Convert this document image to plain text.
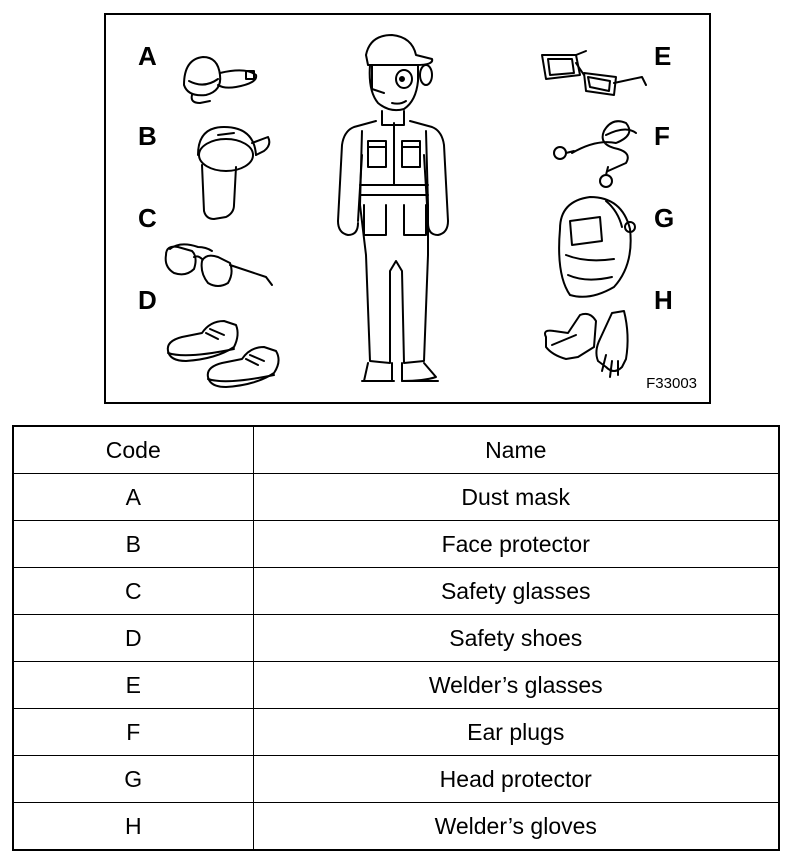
A
B
C
D
E
F
G
H
F33003
Code	Name
A	Dust mask
B	Face protector
C	Safety glasses
D	Safety shoes
E	Welder’s glasses
F	Ear plugs
G	Head protector
H	Welder’s gloves
